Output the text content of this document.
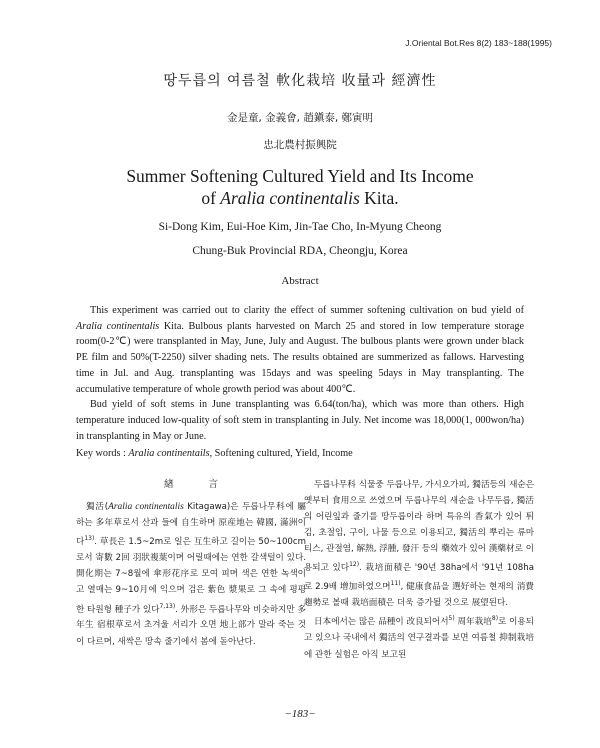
J.Oriental Bot.Res 8(2) 183~188(1995)
땅두릅의 여름철 軟化栽培 收量과 經濟性
金是童, 金義會, 趙鎭泰, 鄭寅明
忠北農村振興院
Summer Softening Cultured Yield and Its Income
of Aralia continentalis Kita.
Si-Dong Kim, Eui-Hoe Kim, Jin-Tae Cho, In-Myung Cheong
Chung-Buk Provincial RDA, Cheongju, Korea
Abstract

This experiment was carried out to clarity the effect of summer softening cultivation on bud yield of Aralia continentalis Kita. Bulbous plants harvested on March 25 and stored in low temperature storage room(0-2℃) were transplanted in May, June, July and August. The bulbous plants were grown under black PE film and 50%(T-2250) silver shading nets. The results obtained are summerized as fallows. Harvesting time in Jul. and Aug. transplanting was 15days and was speeling 5days in May transplanting. The accumulative temperature of whole growth period was about 400℃.

Bud yield of soft stems in June transplanting was 6.64(ton/ha), which was more than others. High temperature induced low-quality of soft stem in transplanting in July. Net income was 18,000(1, 000won/ha) in transplanting in May or June.

Key words : Aralia continentails, Softening cultured, Yield, Income
緖 言

獨活(Aralia continentalis Kitagawa)은 두릅나무科에 屬하는 多年草로서 산과 들에 自生하며 原産地는 韓國, 滿洲이다$^{13)}$. 草長은 1.5~2m로 일은 互生하고 길이는 50~100cm로서 寄數 2回 羽狀複葉이며 어릴때에는 연한 갈색털이 있다. 開化期는 7~8월에 傘形花序로 모여 피며 색은 연한 녹색이고 열매는 9~10月에 익으며 검은 紫色 漿果로 그 속에 평평한 타원형 種子가 있다$^{7,13)}$. 外形은 두릅나무와 비슷하지만 多年生 宿根草로서 초겨울 서리가 오면 地上部가 말라 죽는 것이 다르며, 새싹은 땅속 줄기에서 봄에 돋아난다.

두릅나무科 식물중 두릅나무, 가시오가피, 獨活등의 새순은 옛부터 食用으로 쓰였으며 두릅나무의 새순을 나무두릅, 獨活의 어린잎과 줄기를 땅두릅이라 하며 특유의 香氣가 있어 튀김, 초절임, 구이, 나물 등으로 이용되고, 獨活의 뿌리는 류마티스, 관절염, 解熱, 浮腫, 發汗 등의 藥效가 있어 漢藥材로 이용되고 있다$^{12)}$. 栽培面積은 '90년 38ha에서 '91년 108ha로 2.9배 增加하였으며$^{11)}$, 健康食品을 選好하는 현재의 消費趨勢로 볼때 栽培面積은 더욱 증가될 것으로 展望된다.

日本에서는 많은 品種이 改良되어서$^{5)}$ 周年栽培$^{8)}$로 이용되고 있으나 국내에서 獨活의 연구결과를 보면 여름철 抑制栽培에 관한 실험은 아직 보고된

−183−
